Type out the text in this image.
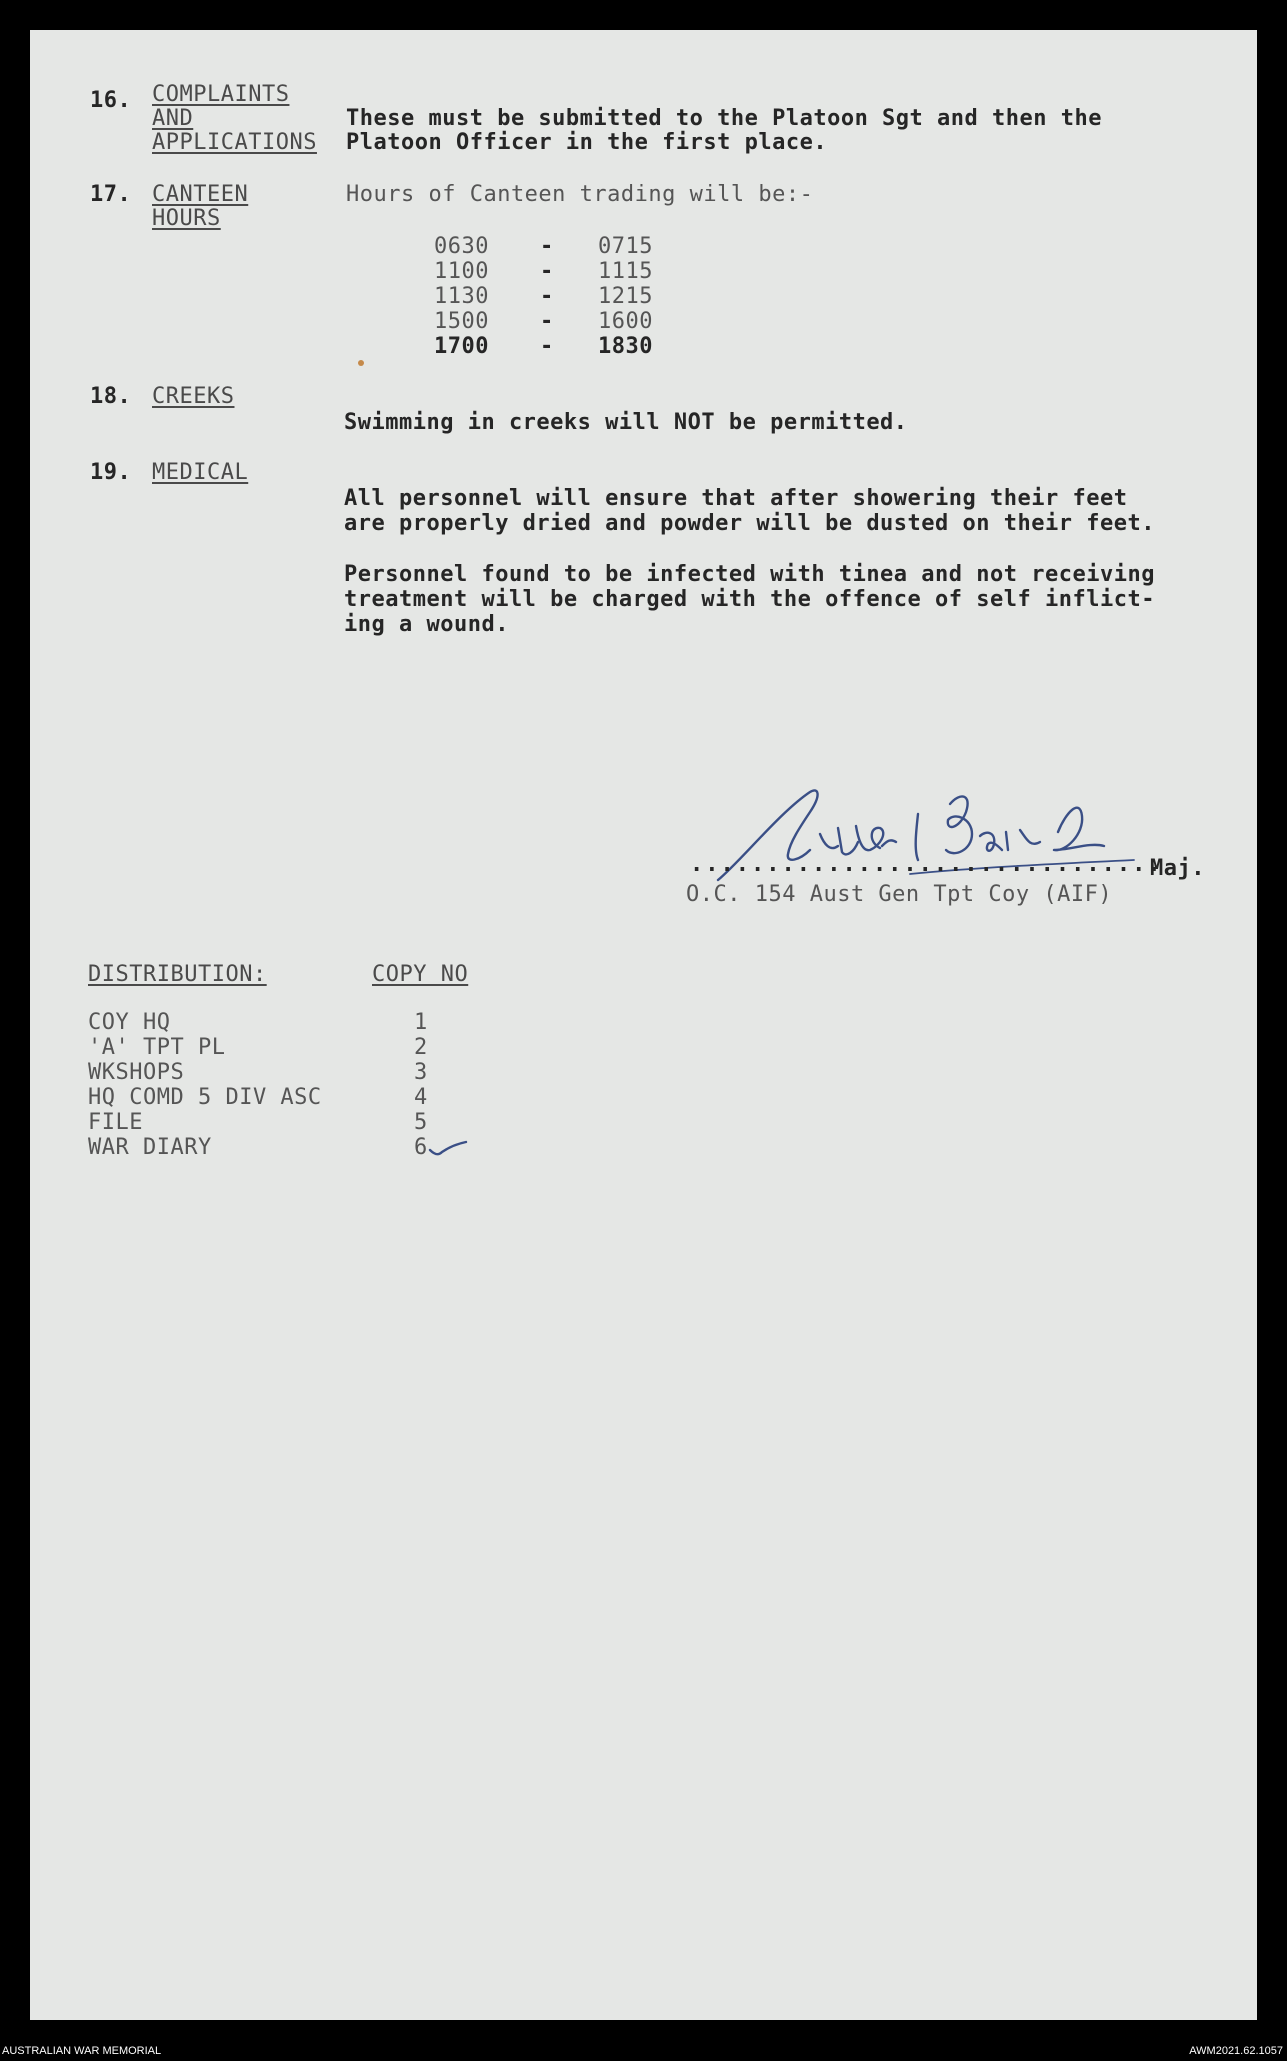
16. COMPLAINTS
AND
APPLICATIONS
These must be submitted to the Platoon Sgt and then the
Platoon Officer in the first place.
17. CANTEEN
HOURS
Hours of Canteen trading will be:-
0630 - 0715
1100 - 1115
1130 - 1215
1500 - 1600
1700 - 1830
18. CREEKS
Swimming in creeks will NOT be permitted.
19. MEDICAL
All personnel will ensure that after showering their feet
are properly dried and powder will be dusted on their feet.
Personnel found to be infected with tinea and not receiving
treatment will be charged with the offence of self inflict-
ing a wound.
...............................
Maj.
O.C. 154 Aust Gen Tpt Coy (AIF)
DISTRIBUTION:	COPY NO
COY HQ	1
'A' TPT PL	2
WKSHOPS	3
HQ COMD 5 DIV ASC	4
FILE	5
WAR DIARY	6
AUSTRALIAN WAR MEMORIAL	AWM2021.62.1057
